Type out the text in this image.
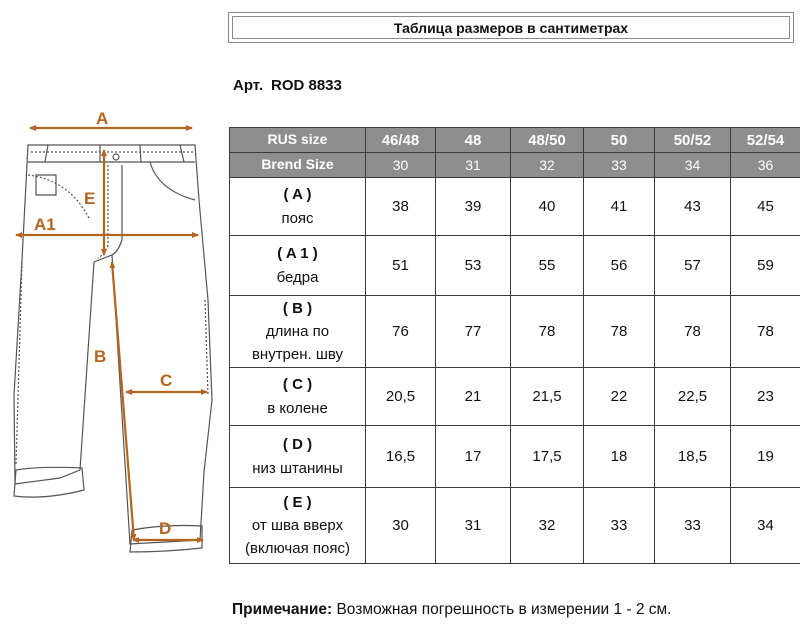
Таблица размеров в сантиметрах
Арт. ROD 8833
A
A1
E
B
C
D
RUS size	46/48	48	48/50	50	50/52	52/54
Brend Size	30	31	32	33	34	36

( A )
пояс	38	39	40	41	43	45

( A 1 )
бедра	51	53	55	56	57	59

( B )
длина по
внутрен. шву	76	77	78	78	78	78

( C )
в колене	20,5	21	21,5	22	22,5	23

( D )
низ штанины	16,5	17	17,5	18	18,5	19

( E )
от шва вверх
(включая пояс)	30	31	32	33	33	34
Примечание: Возможная погрешность в измерении 1 - 2 см.
